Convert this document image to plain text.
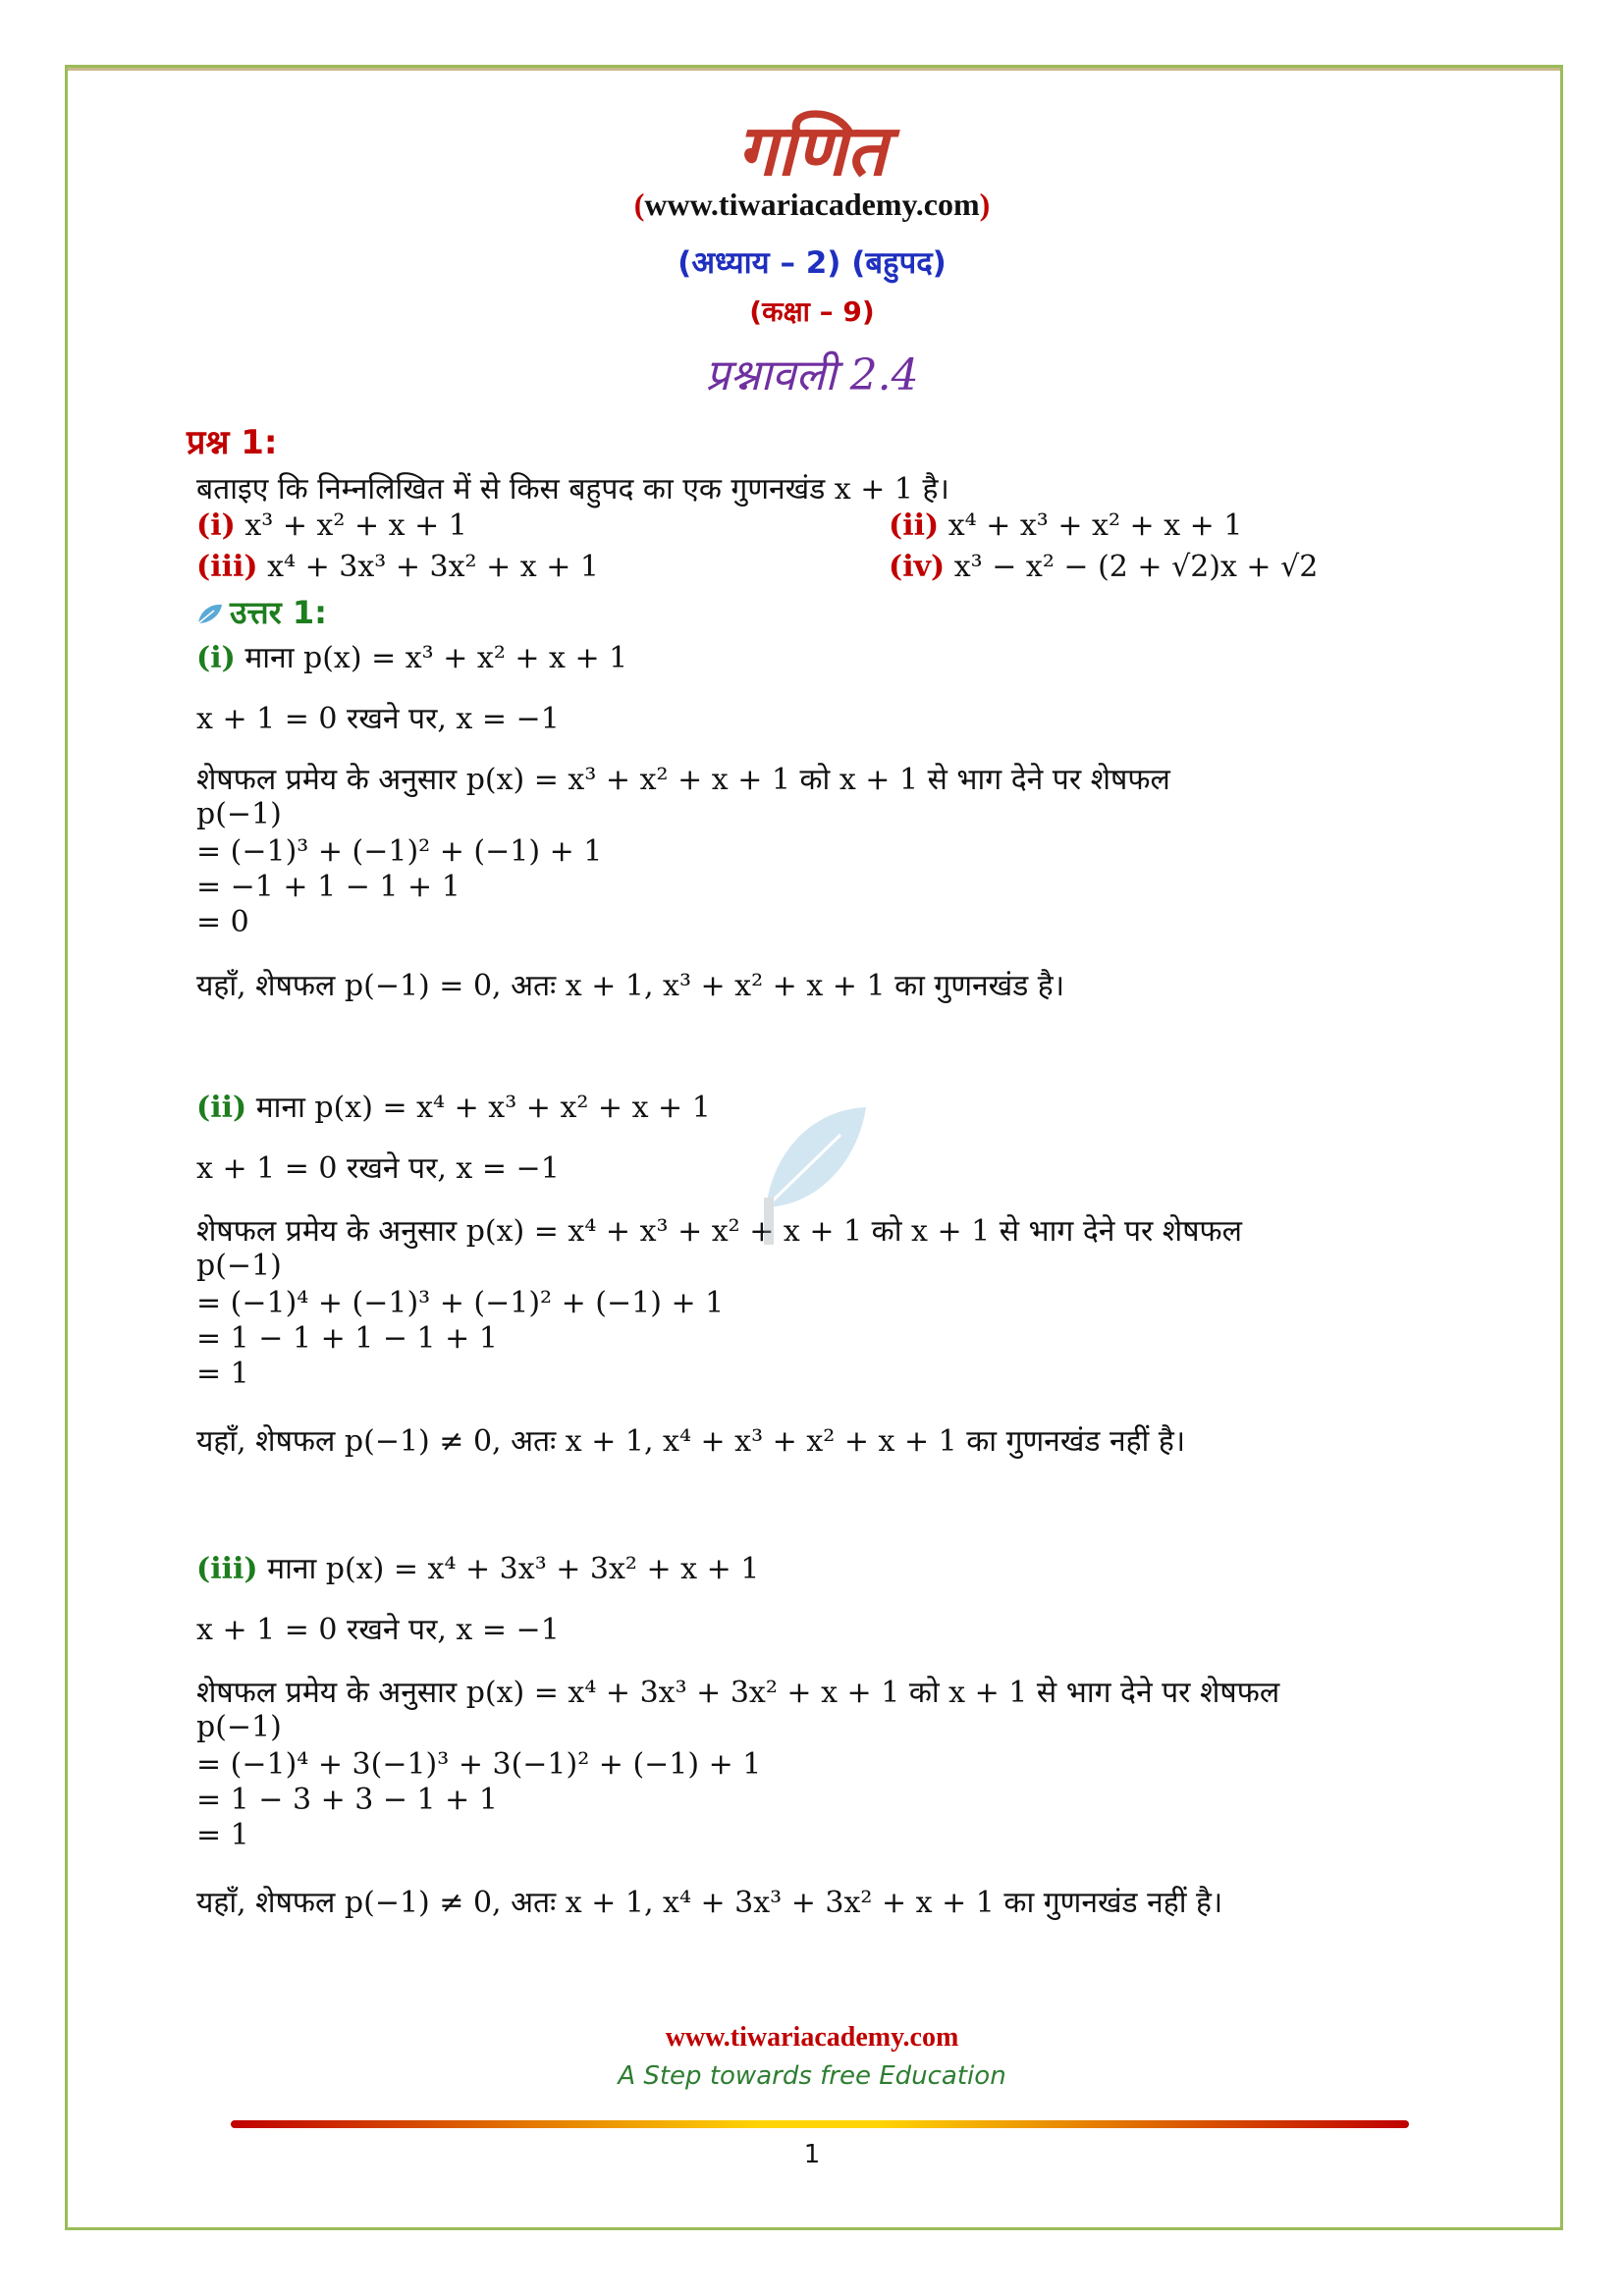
गणित
(www.tiwariacademy.com)
(अध्याय – 2) (बहुपद)
(कक्षा – 9)
प्रश्नावली 2.4
प्रश्न 1:
बताइए कि निम्नलिखित में से किस बहुपद का एक गुणनखंड x + 1 है।
(i) x³ + x² + x + 1	(ii) x⁴ + x³ + x² + x + 1
(iii) x⁴ + 3x³ + 3x² + x + 1	(iv) x³ − x² − (2 + √2)x + √2
उत्तर 1:
(i) माना p(x) = x³ + x² + x + 1
x + 1 = 0 रखने पर, x = −1
शेषफल प्रमेय के अनुसार p(x) = x³ + x² + x + 1 को x + 1 से भाग देने पर शेषफल
p(−1)
= (−1)³ + (−1)² + (−1) + 1
= −1 + 1 − 1 + 1
= 0
यहाँ, शेषफल p(−1) = 0, अतः x + 1, x³ + x² + x + 1 का गुणनखंड है।
(ii) माना p(x) = x⁴ + x³ + x² + x + 1
x + 1 = 0 रखने पर, x = −1
शेषफल प्रमेय के अनुसार p(x) = x⁴ + x³ + x² + x + 1 को x + 1 से भाग देने पर शेषफल
p(−1)
= (−1)⁴ + (−1)³ + (−1)² + (−1) + 1
= 1 − 1 + 1 − 1 + 1
= 1
यहाँ, शेषफल p(−1) ≠ 0, अतः x + 1, x⁴ + x³ + x² + x + 1 का गुणनखंड नहीं है।
(iii) माना p(x) = x⁴ + 3x³ + 3x² + x + 1
x + 1 = 0 रखने पर, x = −1
शेषफल प्रमेय के अनुसार p(x) = x⁴ + 3x³ + 3x² + x + 1 को x + 1 से भाग देने पर शेषफल
p(−1)
= (−1)⁴ + 3(−1)³ + 3(−1)² + (−1) + 1
= 1 − 3 + 3 − 1 + 1
= 1
यहाँ, शेषफल p(−1) ≠ 0, अतः x + 1, x⁴ + 3x³ + 3x² + x + 1 का गुणनखंड नहीं है।
www.tiwariacademy.com
A Step towards free Education
1
